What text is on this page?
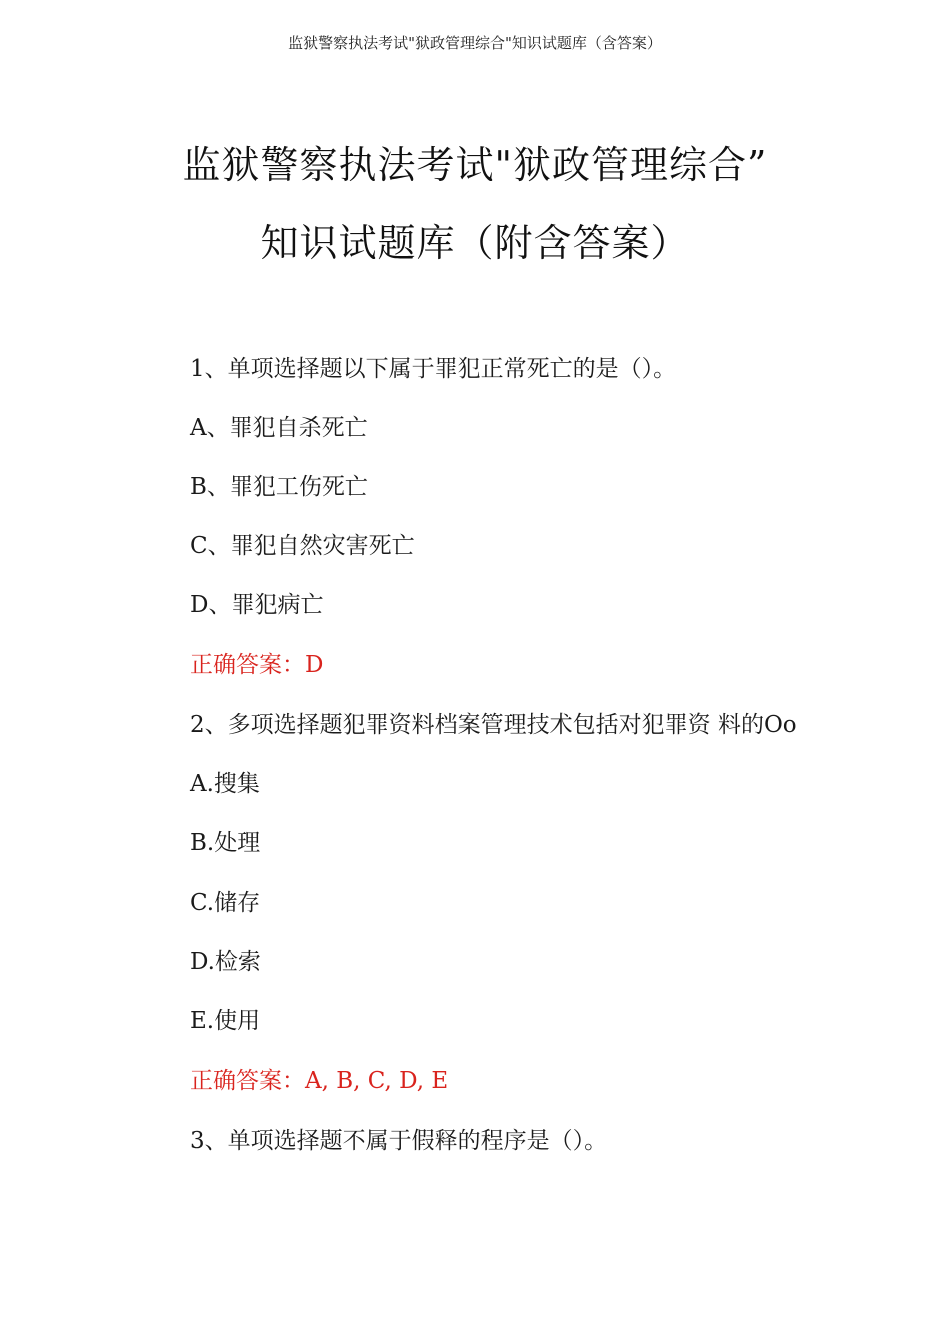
监狱警察执法考试"狱政管理综合"知识试题库（含答案）
监狱警察执法考试"狱政管理综合”
知识试题库（附含答案）
1、单项选择题以下属于罪犯正常死亡的是（）。
A、罪犯自杀死亡
B、罪犯工伤死亡
C、罪犯自然灾害死亡
D、罪犯病亡
正确答案：D
2、多项选择题犯罪资料档案管理技术包括对犯罪资 料的Oo
A.搜集
B.处理
C.储存
D.检索
E.使用
正确答案：A, B, C, D, E
3、单项选择题不属于假释的程序是（）。
